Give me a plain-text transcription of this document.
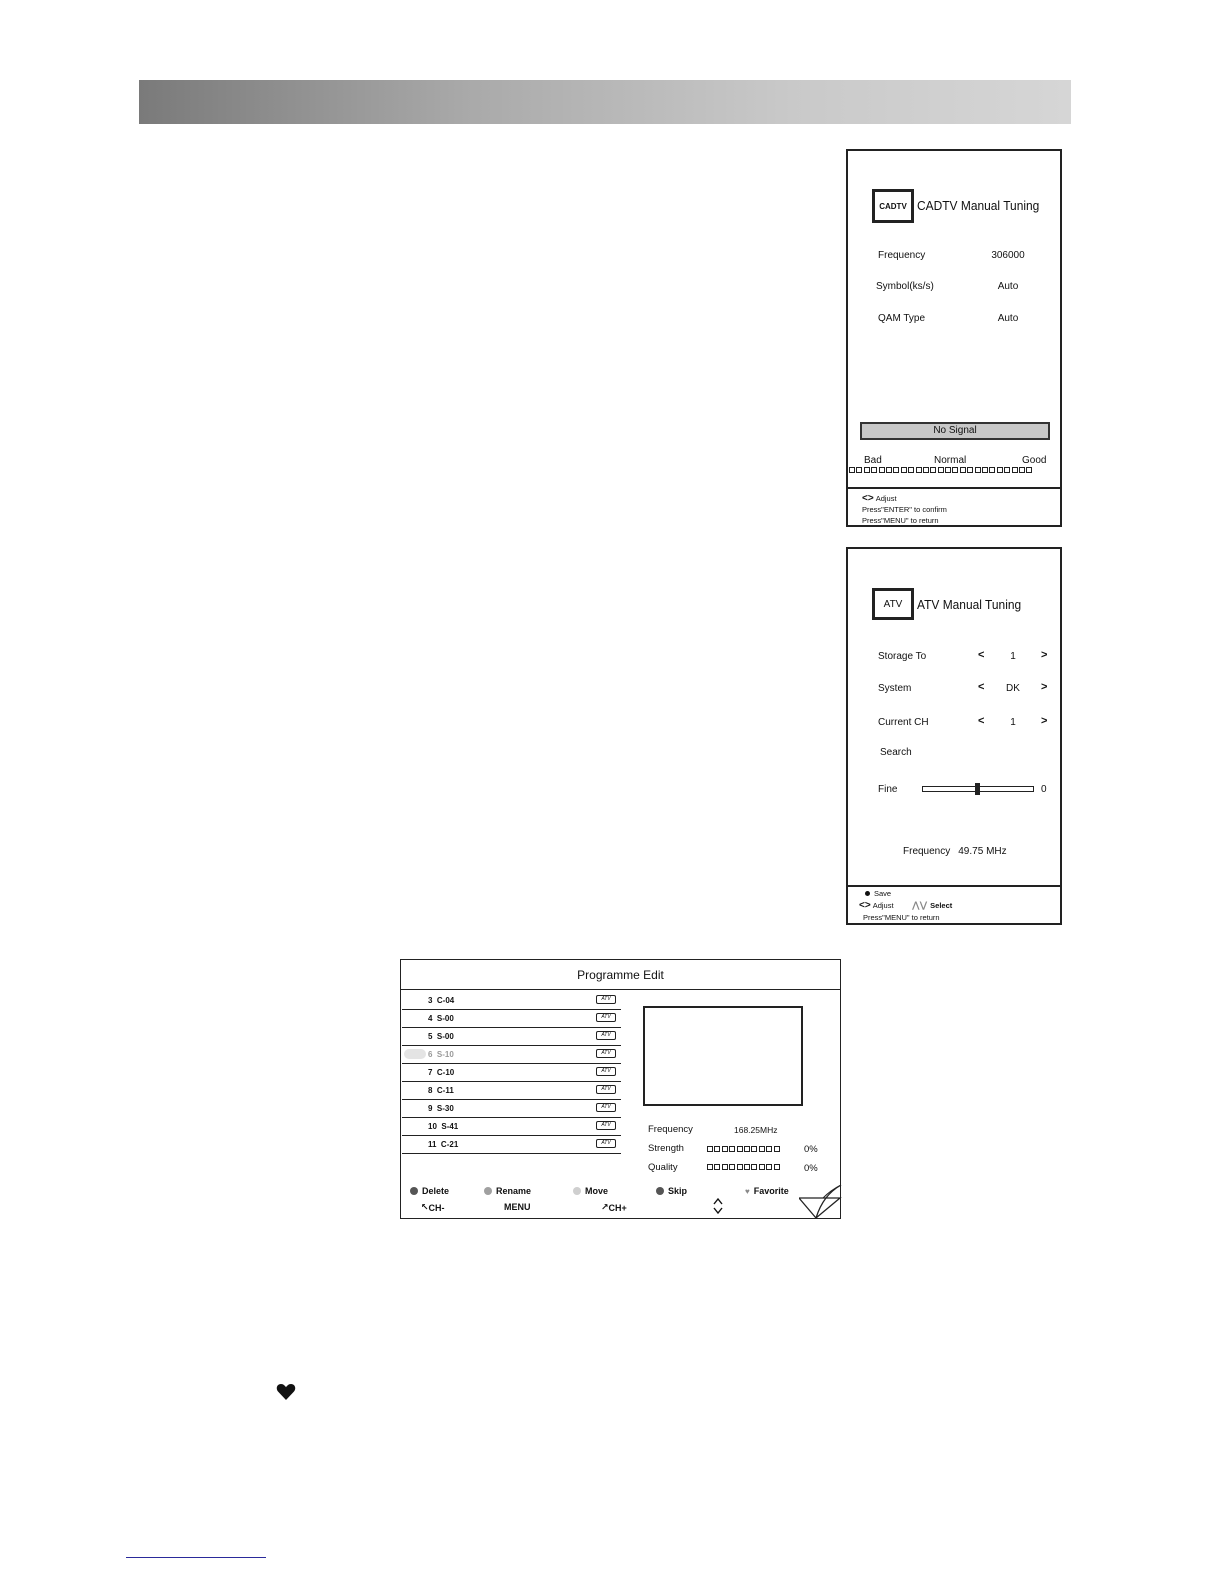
CADTV CADTV Manual Tuning
Frequency	306000
Symbol(ks/s)	Auto
QAM Type	Auto
No Signal
Bad	Normal	Good
<> Adjust
Press"ENTER" to confirm
Press"MENU" to return
ATV	ATV Manual Tuning
Storage To	<	1	>
System	<	DK >
Current CH	<	1	>
Search
Fine	0
Frequency 49.75 MHz
Save
<> Adjust ⋀⋁ Select
Press"MENU" to return
Programme Edit
3 C-04	ATV
4 S-00	ATV
5 S-00	ATV
6 S-10	ATV
7 C-10	ATV
8 C-11	ATV
9 S-30	ATV
10 S-41	ATV
11 C-21	ATV
Frequency	168.25MHz
Strength	0%
Quality	0%
Delete	Rename	Move	Skip	♥ Favorite
↖ CH-	MENU	↗ CH+
